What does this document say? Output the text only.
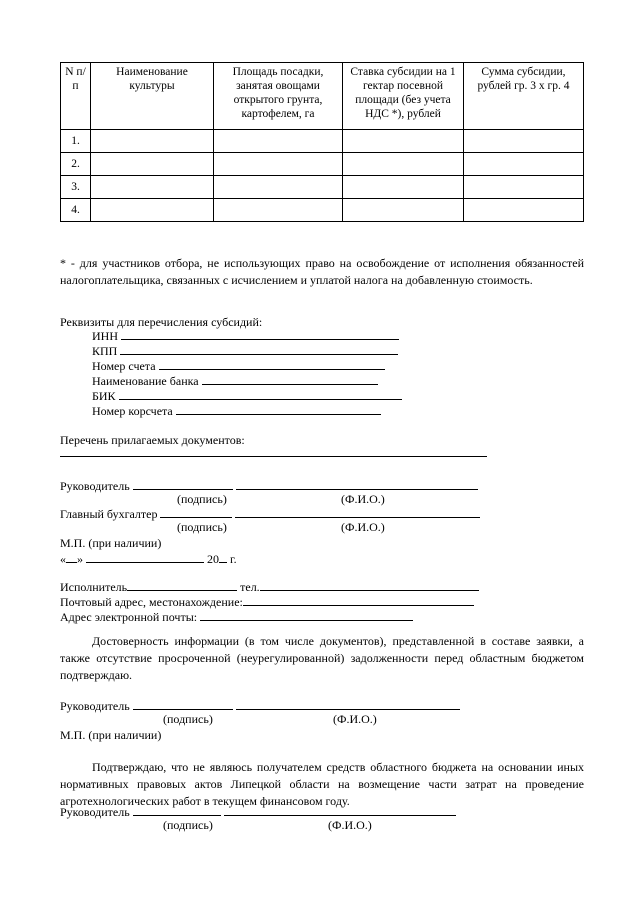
N п/п	Наименование культуры	Площадь посадки, занятая овощами открытого грунта, картофелем, га	Ставка субсидии на 1 гектар посевной площади (без учета НДС *), рублей	Сумма субсидии, рублей гр. 3 х гр. 4
1.				
2.				
3.				
4.				

* - для участников отбора, не использующих право на освобождение от исполнения обязанностей налогоплательщика, связанных с исчислением и уплатой налога на добавленную стоимость.

Реквизиты для перечисления субсидий:
ИНН
КПП
Номер счета
Наименование банка
БИК
Номер корсчета
Перечень прилагаемых документов:
Руководитель
(подпись)	(Ф.И.О.)
Главный бухгалтер
(подпись)	(Ф.И.О.)
М.П. (при наличии)
« »	20 г.
Исполнитель	тел.
Почтовый адрес, местонахождение:
Адрес электронной почты:

Достоверность информации (в том числе документов), представленной в составе заявки, а также отсутствие просроченной (неурегулированной) задолженности перед областным бюджетом подтверждаю.

Руководитель
(подпись)	(Ф.И.О.)
М.П. (при наличии)

Подтверждаю, что не являюсь получателем средств областного бюджета на основании иных нормативных правовых актов Липецкой области на возмещение части затрат на проведение агротехнологических работ в текущем финансовом году.

Руководитель
(подпись)	(Ф.И.О.)
